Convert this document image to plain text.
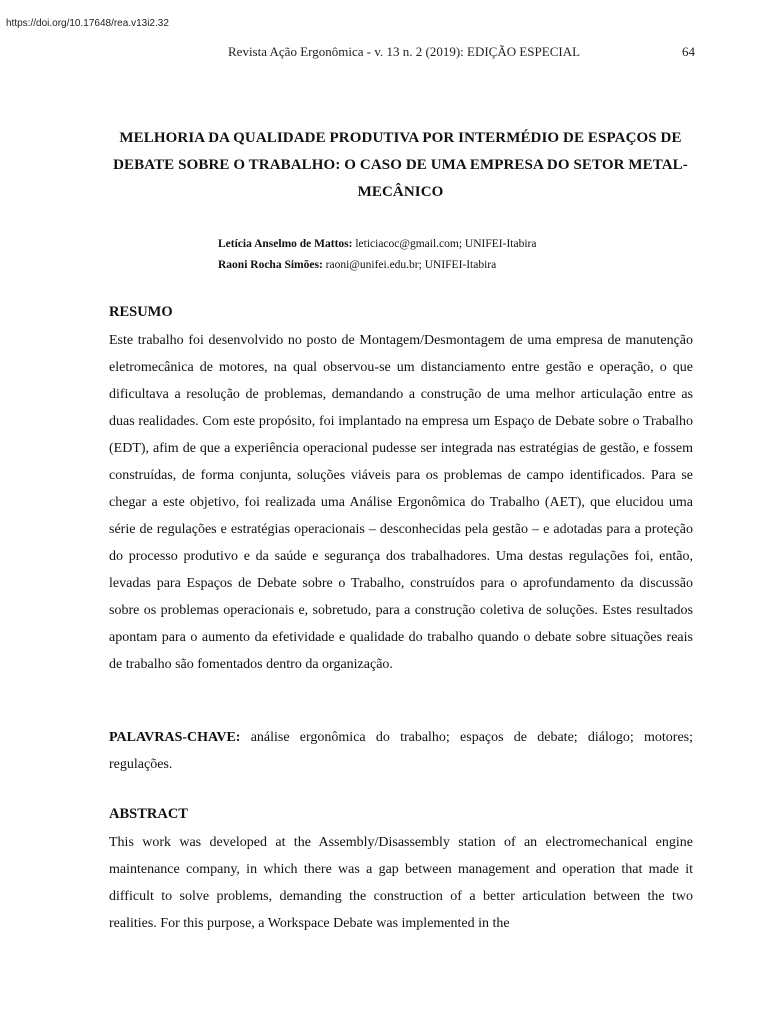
https://doi.org/10.17648/rea.v13i2.32
Revista Ação Ergonômica - v. 13 n. 2 (2019): EDIÇÃO ESPECIAL	64
MELHORIA DA QUALIDADE PRODUTIVA POR INTERMÉDIO DE ESPAÇOS DE DEBATE SOBRE O TRABALHO: O CASO DE UMA EMPRESA DO SETOR METAL-MECÂNICO
Letícia Anselmo de Mattos: leticiacoc@gmail.com; UNIFEI-Itabira
Raoni Rocha Simões: raoni@unifei.edu.br; UNIFEI-Itabira
RESUMO

Este trabalho foi desenvolvido no posto de Montagem/Desmontagem de uma empresa de manutenção eletromecânica de motores, na qual observou-se um distanciamento entre gestão e operação, o que dificultava a resolução de problemas, demandando a construção de uma melhor articulação entre as duas realidades. Com este propósito, foi implantado na empresa um Espaço de Debate sobre o Trabalho (EDT), afim de que a experiência operacional pudesse ser integrada nas estratégias de gestão, e fossem construídas, de forma conjunta, soluções viáveis para os problemas de campo identificados. Para se chegar a este objetivo, foi realizada uma Análise Ergonômica do Trabalho (AET), que elucidou uma série de regulações e estratégias operacionais – desconhecidas pela gestão – e adotadas para a proteção do processo produtivo e da saúde e segurança dos trabalhadores. Uma destas regulações foi, então, levadas para Espaços de Debate sobre o Trabalho, construídos para o aprofundamento da discussão sobre os problemas operacionais e, sobretudo, para a construção coletiva de soluções. Estes resultados apontam para o aumento da efetividade e qualidade do trabalho quando o debate sobre situações reais de trabalho são fomentados dentro da organização.

PALAVRAS-CHAVE: análise ergonômica do trabalho; espaços de debate; diálogo; motores; regulações.

ABSTRACT

This work was developed at the Assembly/Disassembly station of an electromechanical engine maintenance company, in which there was a gap between management and operation that made it difficult to solve problems, demanding the construction of a better articulation between the two realities. For this purpose, a Workspace Debate was implemented in the
